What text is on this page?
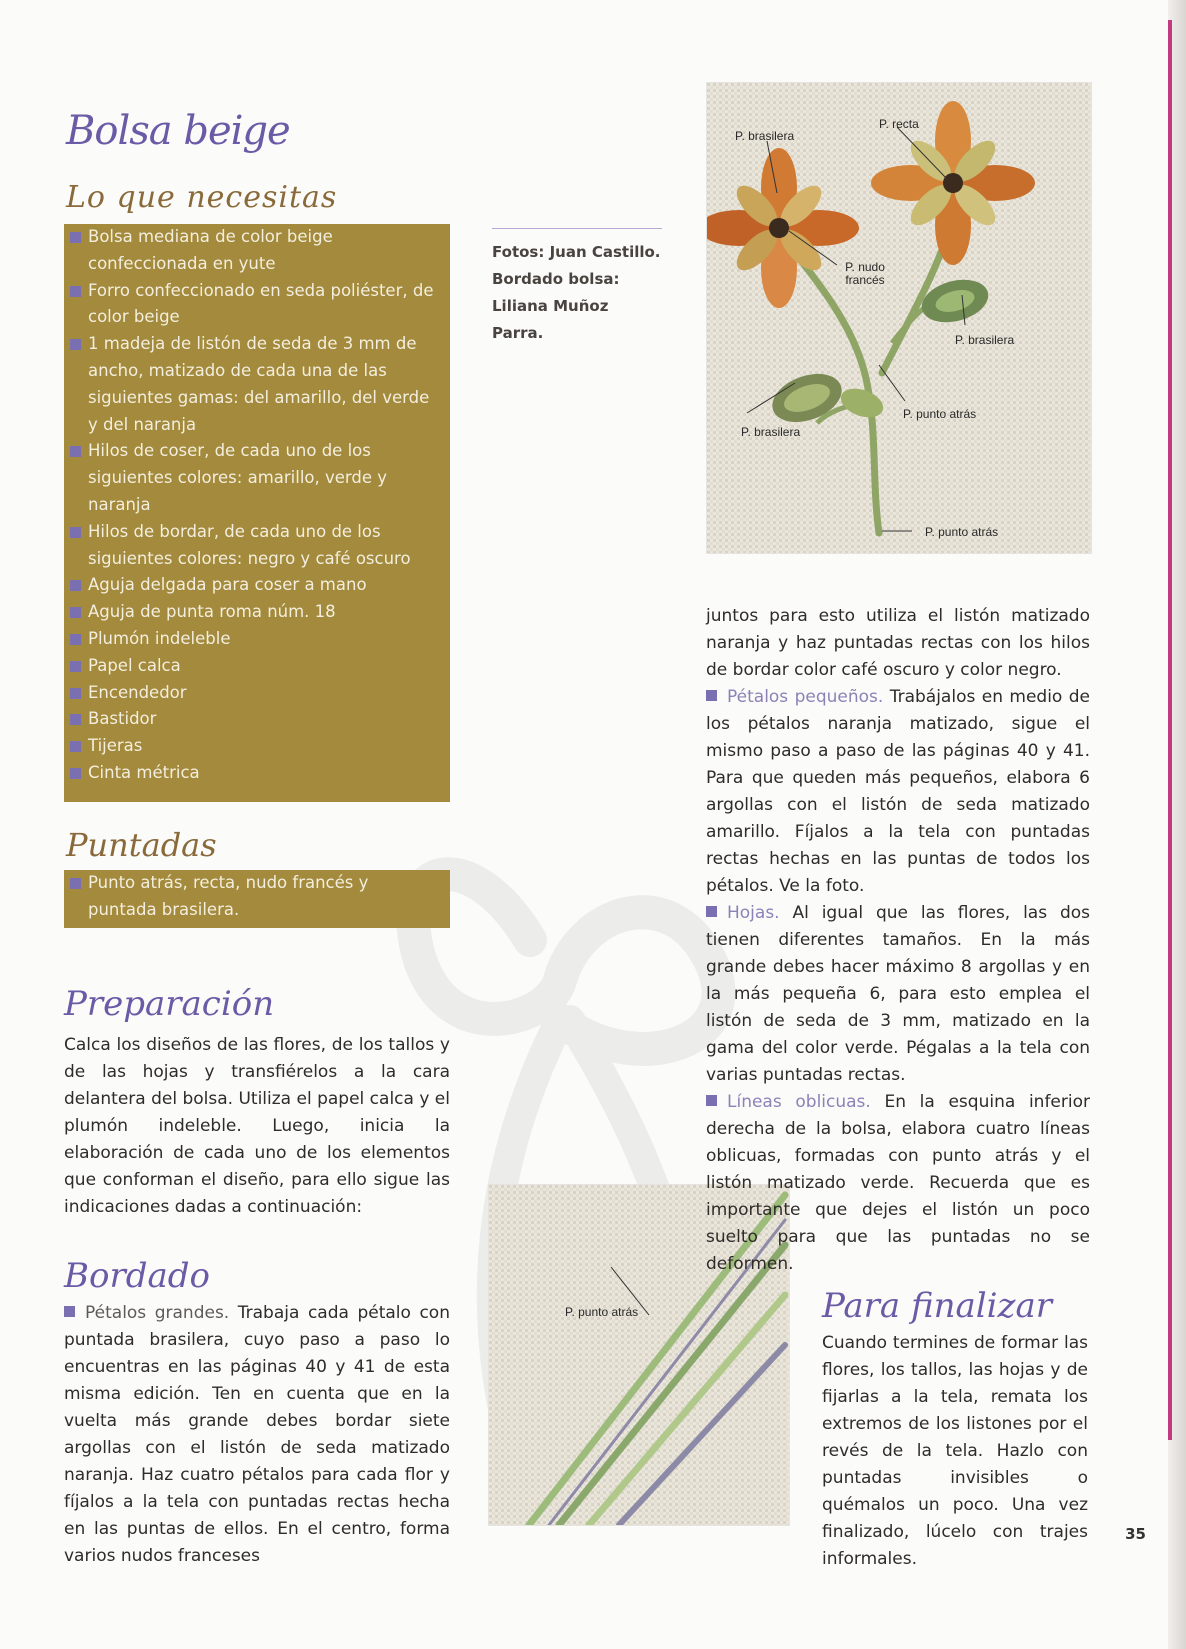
Bolsa beige
Lo que necesitas
Bolsa mediana de color beige confeccionada en yute
Forro confeccionado en seda poliéster, de color beige
1 madeja de listón de seda de 3 mm de ancho, matizado de cada una de las siguientes gamas: del amarillo, del verde y del naranja
Hilos de coser, de cada uno de los siguientes colores: amarillo, verde y naranja
Hilos de bordar, de cada uno de los siguientes colores: negro y café oscuro
Aguja delgada para coser a mano
Aguja de punta roma núm. 18
Plumón indeleble
Papel calca
Encendedor
Bastidor
Tijeras
Cinta métrica
Puntadas
Punto atrás, recta, nudo francés y puntada brasilera.
Fotos: Juan Castillo.
Bordado bolsa: Liliana Muñoz Parra.
P. brasilera
P. recta
P. nudo francés
P. brasilera
P. punto atrás
P. brasilera
P. punto atrás
P. punto atrás
Preparación
Calca los diseños de las flores, de los tallos y de las hojas y transfiérelos a la cara delantera del bolsa. Utiliza el papel calca y el plumón indeleble. Luego, inicia la elaboración de cada uno de los elementos que conforman el diseño, para ello sigue las indicaciones dadas a continuación:
Bordado
Pétalos grandes. Trabaja cada pétalo con puntada brasilera, cuyo paso a paso lo encuentras en las páginas 40 y 41 de esta misma edición. Ten en cuenta que en la vuelta más grande debes bordar siete argollas con el listón de seda matizado naranja. Haz cuatro pétalos para cada flor y fíjalos a la tela con puntadas rectas hecha en las puntas de ellos. En el centro, forma varios nudos franceses
juntos para esto utiliza el listón matizado naranja y haz puntadas rectas con los hilos de bordar color café oscuro y color negro.
Pétalos pequeños. Trabájalos en medio de los pétalos naranja matizado, sigue el mismo paso a paso de las páginas 40 y 41. Para que queden más pequeños, elabora 6 argollas con el listón de seda matizado amarillo. Fíjalos a la tela con puntadas rectas hechas en las puntas de todos los pétalos. Ve la foto.
Hojas. Al igual que las flores, las dos tienen diferentes tamaños. En la más grande debes hacer máximo 8 argollas y en la más pequeña 6, para esto emplea el listón de seda de 3 mm, matizado en la gama del color verde. Pégalas a la tela con varias puntadas rectas.
Líneas oblicuas. En la esquina inferior derecha de la bolsa, elabora cuatro líneas oblicuas, formadas con punto atrás y el listón matizado verde. Recuerda que es importante que dejes el listón un poco suelto para que las puntadas no se deformen.
Para finalizar
Cuando termines de formar las flores, los tallos, las hojas y de fijarlas a la tela, remata los extremos de los listones por el revés de la tela. Hazlo con puntadas invisibles o quémalos un poco. Una vez finalizado, lúcelo con trajes informales.
35
